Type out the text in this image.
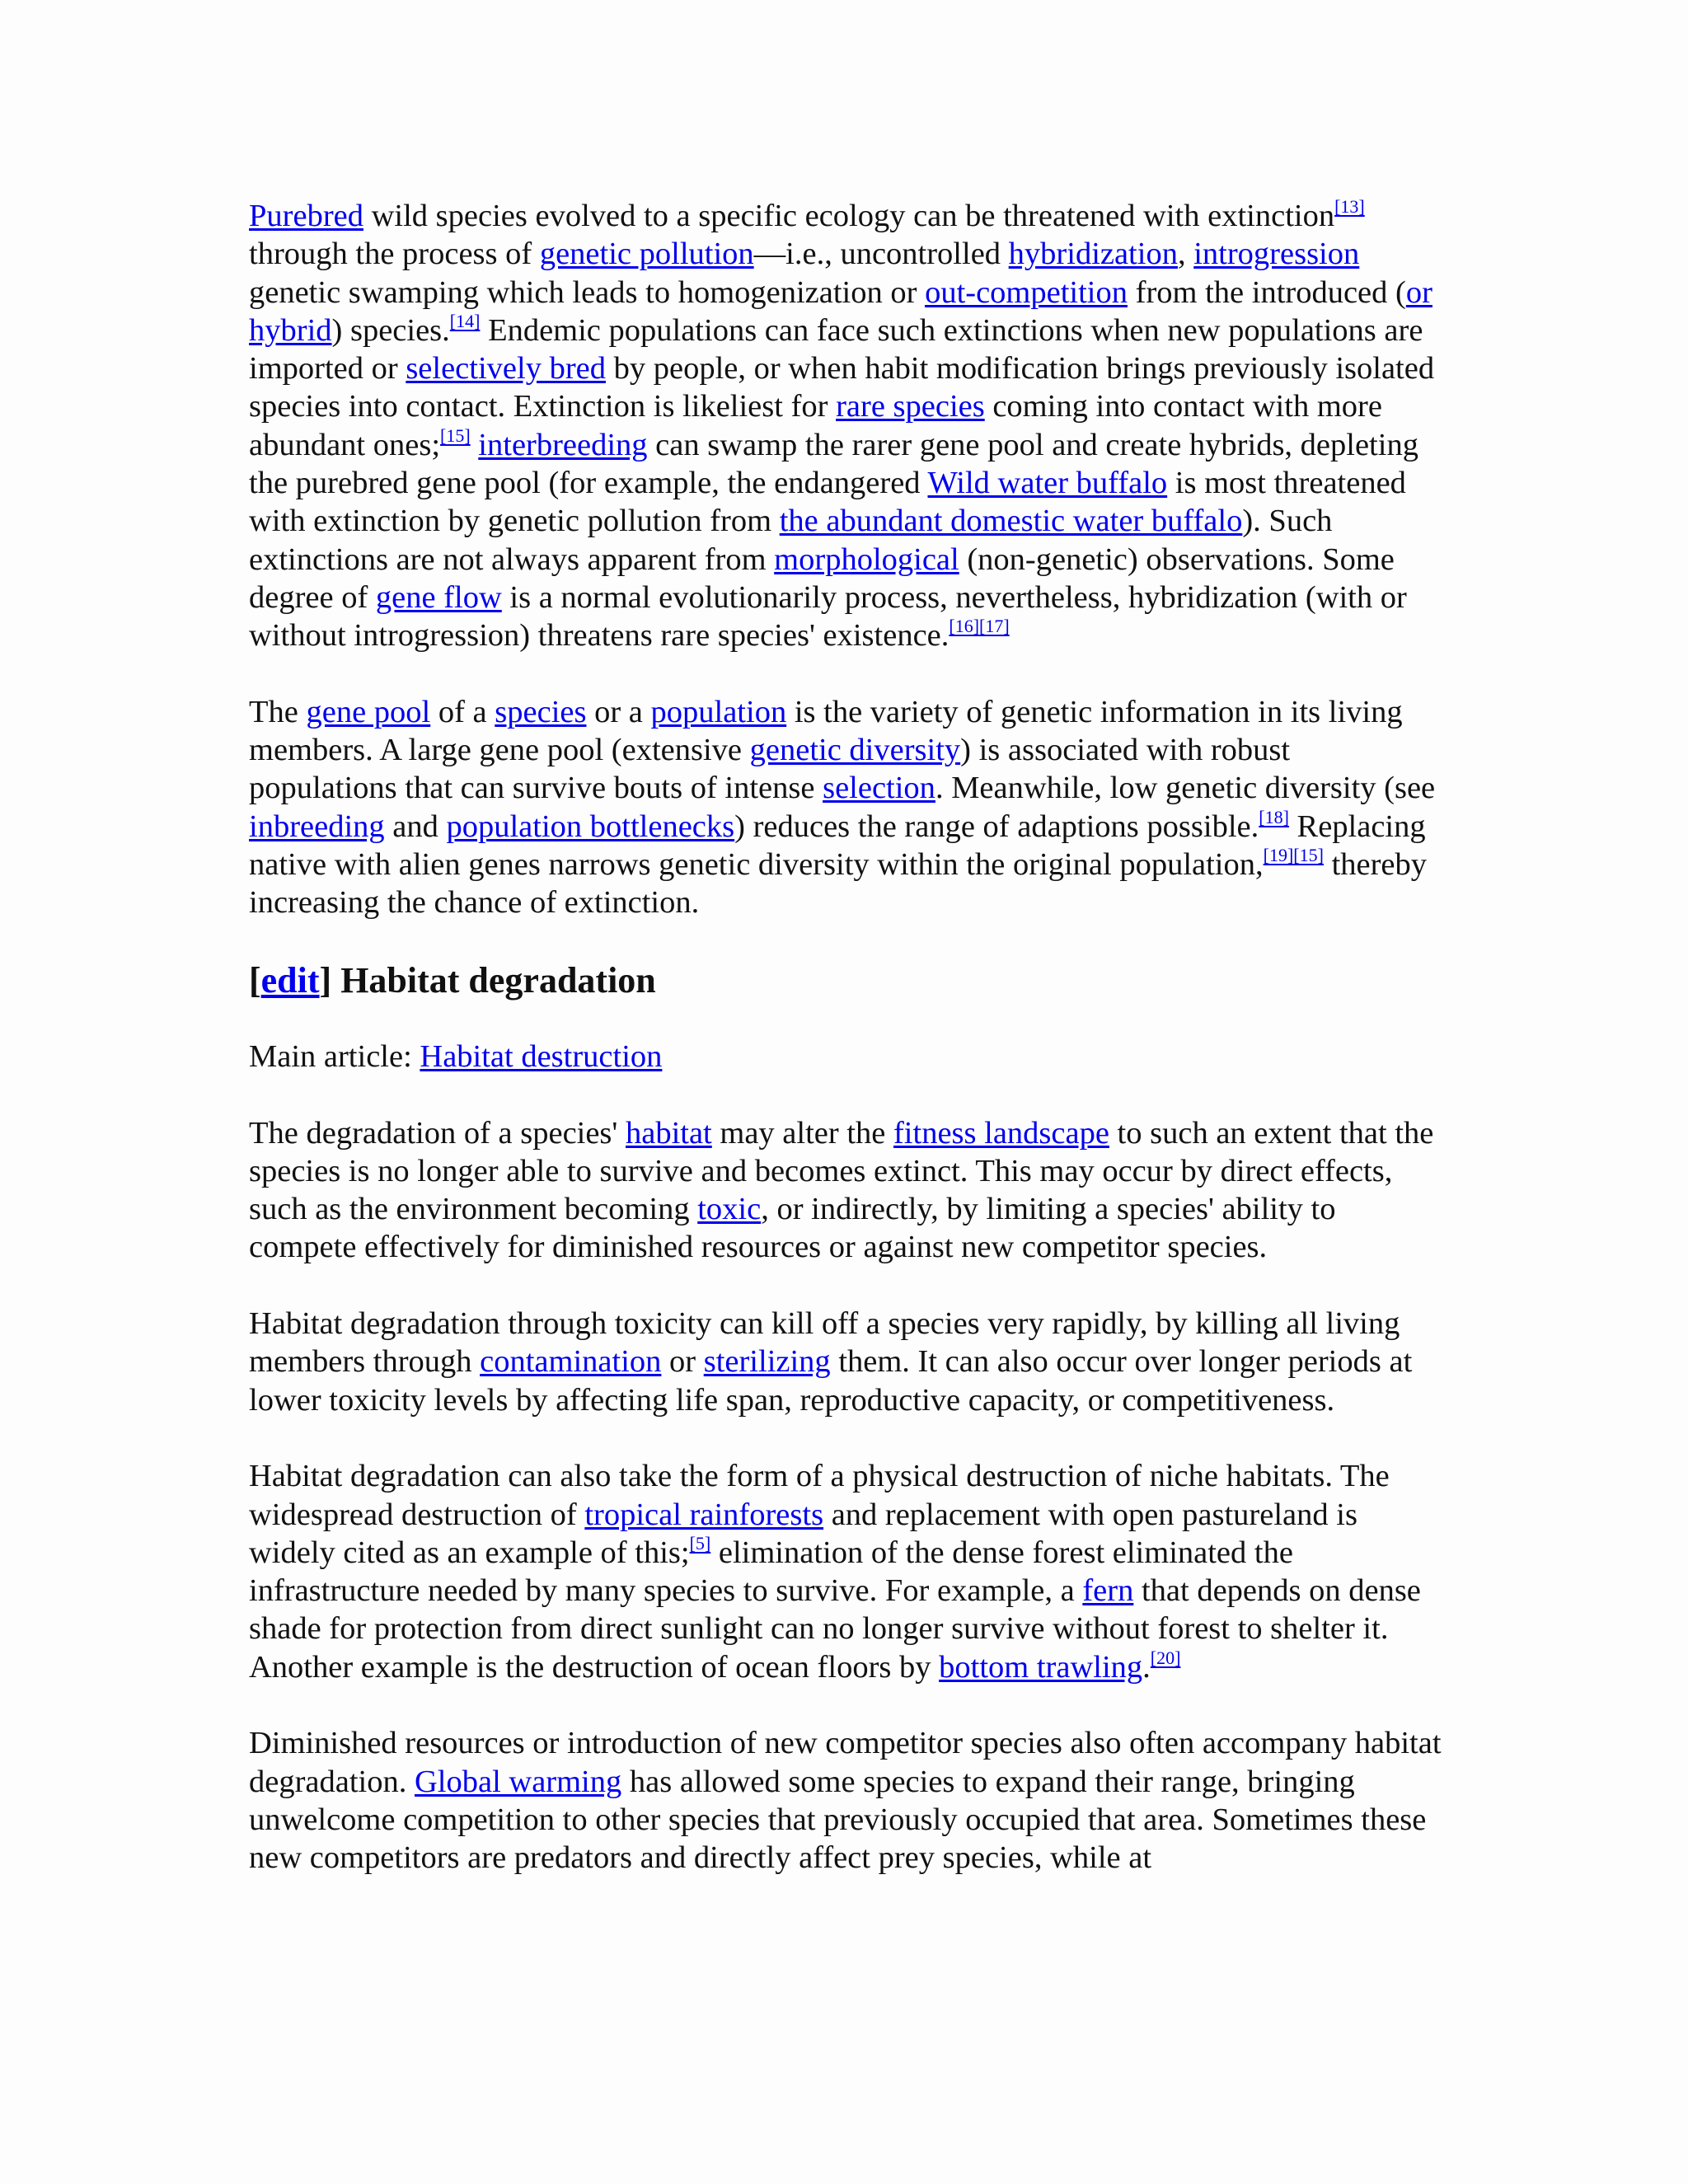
Purebred wild species evolved to a specific ecology can be threatened with extinction[13] through the process of genetic pollution—i.e., uncontrolled hybridization, introgression genetic swamping which leads to homogenization or out-competition from the introduced (or hybrid) species.[14] Endemic populations can face such extinctions when new populations are imported or selectively bred by people, or when habit modification brings previously isolated species into contact. Extinction is likeliest for rare species coming into contact with more abundant ones;[15] interbreeding can swamp the rarer gene pool and create hybrids, depleting the purebred gene pool (for example, the endangered Wild water buffalo is most threatened with extinction by genetic pollution from the abundant domestic water buffalo). Such extinctions are not always apparent from morphological (non-genetic) observations. Some degree of gene flow is a normal evolutionarily process, nevertheless, hybridization (with or without introgression) threatens rare species' existence.[16][17]

The gene pool of a species or a population is the variety of genetic information in its living members. A large gene pool (extensive genetic diversity) is associated with robust populations that can survive bouts of intense selection. Meanwhile, low genetic diversity (see inbreeding and population bottlenecks) reduces the range of adaptions possible.[18] Replacing native with alien genes narrows genetic diversity within the original population,[19][15] thereby increasing the chance of extinction.

[edit] Habitat degradation

Main article: Habitat destruction

The degradation of a species' habitat may alter the fitness landscape to such an extent that the species is no longer able to survive and becomes extinct. This may occur by direct effects, such as the environment becoming toxic, or indirectly, by limiting a species' ability to compete effectively for diminished resources or against new competitor species.

Habitat degradation through toxicity can kill off a species very rapidly, by killing all living members through contamination or sterilizing them. It can also occur over longer periods at lower toxicity levels by affecting life span, reproductive capacity, or competitiveness.

Habitat degradation can also take the form of a physical destruction of niche habitats. The widespread destruction of tropical rainforests and replacement with open pastureland is widely cited as an example of this;[5] elimination of the dense forest eliminated the infrastructure needed by many species to survive. For example, a fern that depends on dense shade for protection from direct sunlight can no longer survive without forest to shelter it. Another example is the destruction of ocean floors by bottom trawling.[20]

Diminished resources or introduction of new competitor species also often accompany habitat degradation. Global warming has allowed some species to expand their range, bringing unwelcome competition to other species that previously occupied that area. Sometimes these new competitors are predators and directly affect prey species, while at
